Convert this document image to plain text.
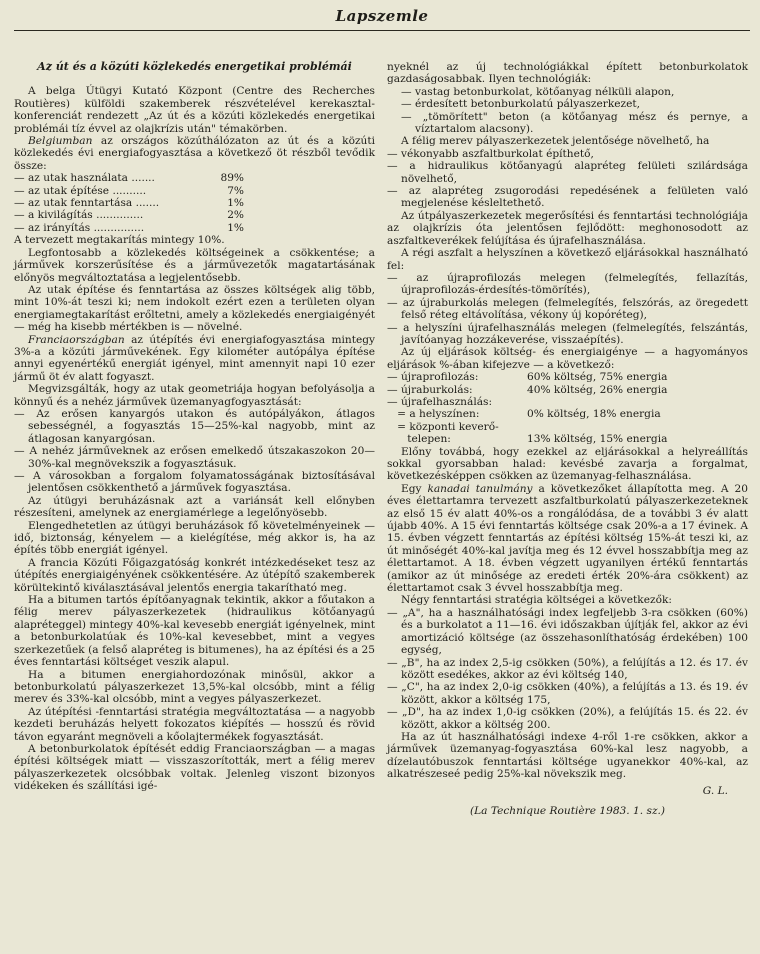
Lapszemle
Az út és a közúti közlekedés energetikai problémái

A belga Útügyi Kutató Központ (Centre des Recherches Routières) külföldi szakemberek részvételével kerekasztal-konferenciát rendezett „Az út és a közúti közlekedés energetikai problémái tíz évvel az olajkrízis után" témakörben.

Belgiumban az országos közúthálózaton az út és a közúti közlekedés évi energiafogyasztása a következő öt részből tevődik össze:

— az utak használata .......	89%
— az utak építése ..........	7%
— az utak fenntartása .......	1%
— a kivilágítás ..............	2%
— az irányítás ...............	1%

A tervezett megtakarítás mintegy 10%.

Legfontosabb a közlekedés költségeinek a csökkentése; a járművek korszerűsítése és a járművezetők magatartásának előnyös megváltoztatása a legjelentősebb.

Az utak építése és fenntartása az összes költségek alig több, mint 10%-át teszi ki; nem indokolt ezért ezen a területen olyan energiamegtakarítást erőltetni, amely a közlekedés energiaigényét — még ha kisebb mértékben is — növelné.

Franciaországban az útépítés évi energiafogyasztása mintegy 3%-a a közúti járművekének. Egy kilométer autópálya építése annyi egyenértékű energiát igényel, mint amennyit napi 10 ezer jármű öt év alatt fogyaszt.

Megvizsgálták, hogy az utak geometriája hogyan befolyásolja a könnyű és a nehéz járművek üzemanyagfogyasztását:

— Az erősen kanyargós utakon és autópályákon, átlagos sebességnél, a fogyasztás 15—25%-kal nagyobb, mint az átlagosan kanyargósan.

— A nehéz járműveknek az erősen emelkedő útszakaszokon 20—30%-kal megnövekszik a fogyasztásuk.

— A városokban a forgalom folyamatosságának biztosításával jelentősen csökkenthető a járművek fogyasztása.

Az útügyi beruházásnak azt a variánsát kell előnyben részesíteni, amelynek az energiamérlege a legelőnyösebb.

Elengedhetetlen az útügyi beruházások fő követelményeinek — idő, biztonság, kényelem — a kielégítése, még akkor is, ha az építés több energiát igényel.

A francia Közúti Főigazgatóság konkrét intézkedéseket tesz az útépítés energiaigényének csökkentésére. Az útépítő szakemberek körültekintő kiválasztásával jelentős energia takarítható meg.

Ha a bitumen tartós építőanyagnak tekintik, akkor a főutakon a félig merev pályaszerkezetek (hidraulikus kötőanyagú alapréteggel) mintegy 40%-kal kevesebb energiát igényelnek, mint a betonburkolatúak és 10%-kal kevesebbet, mint a vegyes szerkezetűek (a felső alapréteg is bitumenes), ha az építési és a 25 éves fenntartási költséget veszik alapul.

Ha a bitumen energiahordozónak minősül, akkor a betonburkolatú pályaszerkezet 13,5%-kal olcsóbb, mint a félig merev és 33%-kal olcsóbb, mint a vegyes pályaszerkezet.

Az útépítési -fenntartási stratégia megváltoztatása — a nagyobb kezdeti beruházás helyett fokozatos kiépítés — hosszú és rövid távon egyaránt megnöveli a kőolajtermékek fogyasztását.

A betonburkolatok építését eddig Franciaországban — a magas építési költségek miatt — visszaszorították, mert a félig merev pályaszerkezetek olcsóbbak voltak. Jelenleg viszont bizonyos vidékeken és szállítási igé-

nyeknél az új technológiákkal épített betonburkolatok gazdaságosabbak. Ilyen technológiák:

— vastag betonburkolat, kötőanyag nélküli alapon,

— érdesített betonburkolatú pályaszerkezet,

— „tömörített" beton (a kötőanyag mész és pernye, a víztartalom alacsony).

A félig merev pályaszerkezetek jelentősége növelhető, ha

— vékonyabb aszfaltburkolat építhető,

— a hidraulikus kötőanyagú alapréteg felületi szilárdsága növelhető,

— az alapréteg zsugorodási repedésének a felületen való megjelenése késleltethető.

Az útpályaszerkezetek megerősítési és fenntartási technológiája az olajkrízis óta jelentősen fejlődött: meghonosodott az aszfaltkeverékek felújítása és újrafelhasználása.

A régi aszfalt a helyszínen a következő eljárásokkal használható fel:

— az újraprofilozás melegen (felmelegítés, fellazítás, újraprofilozás-érdesítés-tömörítés),

— az újraburkolás melegen (felmelegítés, felszórás, az öregedett felső réteg eltávolítása, vékony új kopóréteg),

— a helyszíni újrafelhasználás melegen (felmelegítés, felszántás, javítóanyag hozzákeverése, visszaépítés).

Az új eljárások költség- és energiaigénye — a hagyományos eljárások %-ában kifejezve — a következő:

— újraprofilozás:	60% költség, 75% energia
— újraburkolás:	40% költség, 26% energia
— újrafelhasználás:
= a helyszínen:	0% költség, 18% energia
= központi keverő-
telepen:	13% költség, 15% energia

Előny továbbá, hogy ezekkel az eljárásokkal a helyreállítás sokkal gyorsabban halad: kevésbé zavarja a forgalmat, következésképpen csökken az üzemanyag-felhasználása.

Egy kanadai tanulmány a következőket állapította meg. A 20 éves élettartamra tervezett aszfaltburkolatú pályaszerkezeteknek az első 15 év alatt 40%-os a rongálódása, de a további 3 év alatt újabb 40%. A 15 évi fenntartás költsége csak 20%-a a 17 évinek. A 15. évben végzett fenntartás az építési költség 15%-át teszi ki, az út minőségét 40%-kal javítja meg és 12 évvel hosszabbítja meg az élettartamot. A 18. évben végzett ugyanilyen értékű fenntartás (amikor az út minősége az eredeti érték 20%-ára csökkent) az élettartamot csak 3 évvel hosszabbítja meg.

Négy fenntartási stratégia költségei a következők:

— „A", ha a használhatósági index legfeljebb 3-ra csökken (60%) és a burkolatot a 11—16. évi időszakban újítják fel, akkor az évi amortizáció költsége (az összehasonlíthatóság érdekében) 100 egység,

— „B", ha az index 2,5-ig csökken (50%), a felújítás a 12. és 17. év között esedékes, akkor az évi költség 140,

— „C", ha az index 2,0-ig csökken (40%), a felújítás a 13. és 19. év között, akkor a költség 175,

— „D", ha az index 1,0-ig csökken (20%), a felújítás 15. és 22. év között, akkor a költség 200.

Ha az út használhatósági indexe 4-ről 1-re csökken, akkor a járművek üzemanyag-fogyasztása 60%-kal lesz nagyobb, a dízelautóbuszok fenntartási költsége ugyanekkor 40%-kal, az alkatrészeseé pedig 25%-kal növekszik meg.

G. L.
(La Technique Routière 1983. 1. sz.)
